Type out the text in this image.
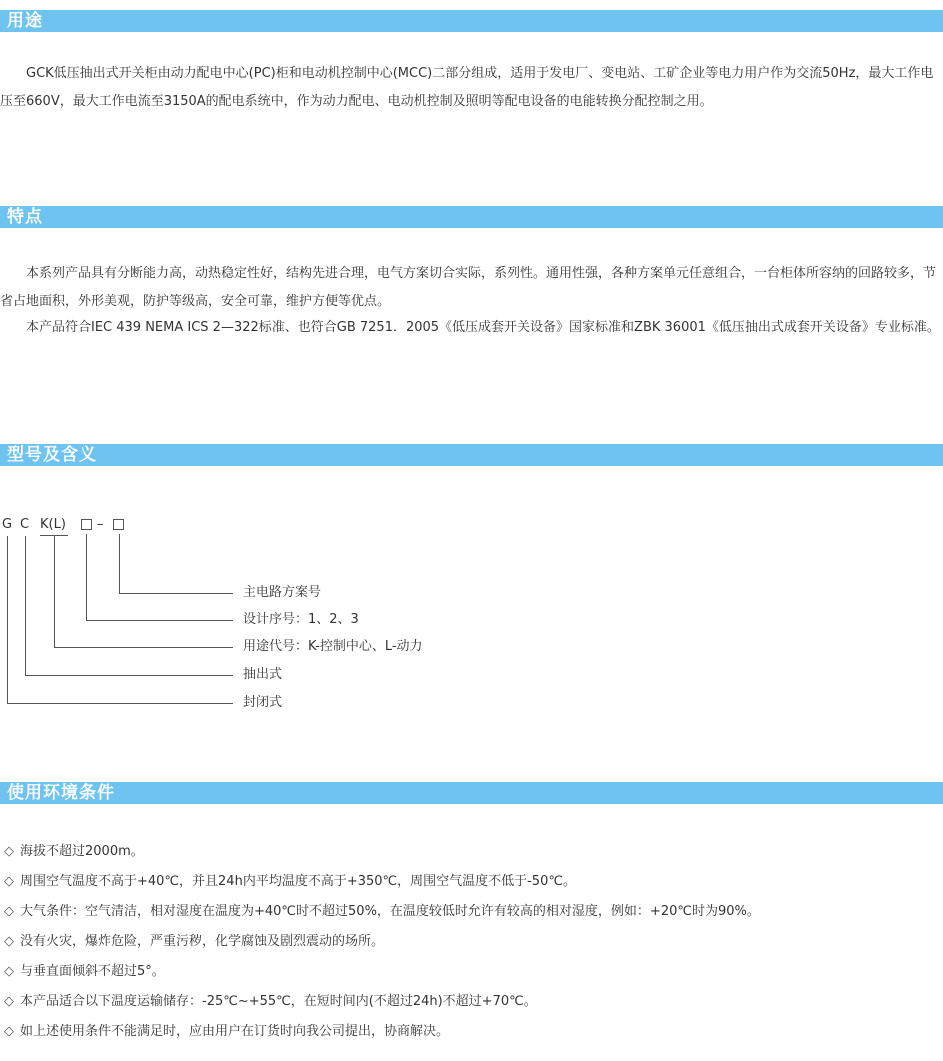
用途

GCK低压抽出式开关柜由动力配电中心(PC)柜和电动机控制中心(MCC)二部分组成，适用于发电厂、变电站、工矿企业等电力用户作为交流50Hz，最大工作电压至660V，最大工作电流至3150A的配电系统中，作为动力配电、电动机控制及照明等配电设备的电能转换分配控制之用。

特点

本系列产品具有分断能力高，动热稳定性好，结构先进合理，电气方案切合实际，系列性。通用性强，各种方案单元任意组合，一台柜体所容纳的回路较多，节省占地面积，外形美观，防护等级高，安全可靠，维护方便等优点。

本产品符合IEC 439 NEMA ICS 2—322标准、也符合GB 7251．2005《低压成套开关设备》国家标准和ZBK 36001《低压抽出式成套开关设备》专业标准。

型号及含义
G C K(L) –
主电路方案号
设计序号：1、2、3
用途代号：K-控制中心、L-动力
抽出式
封闭式
使用环境条件
◇ 海拔不超过2000m。
◇ 周围空气温度不高于+40℃，并且24h内平均温度不高于+350℃，周围空气温度不低于-50℃。
◇ 大气条件：空气清洁，相对湿度在温度为+40℃时不超过50%，在温度较低时允许有较高的相对湿度，例如：+20℃时为90%。
◇ 没有火灾，爆炸危险，严重污秽，化学腐蚀及剧烈震动的场所。
◇ 与垂直面倾斜不超过5°。
◇ 本产品适合以下温度运输储存：-25℃~+55℃，在短时间内(不超过24h)不超过+70℃。
◇ 如上述使用条件不能满足时，应由用户在订货时向我公司提出，协商解决。
